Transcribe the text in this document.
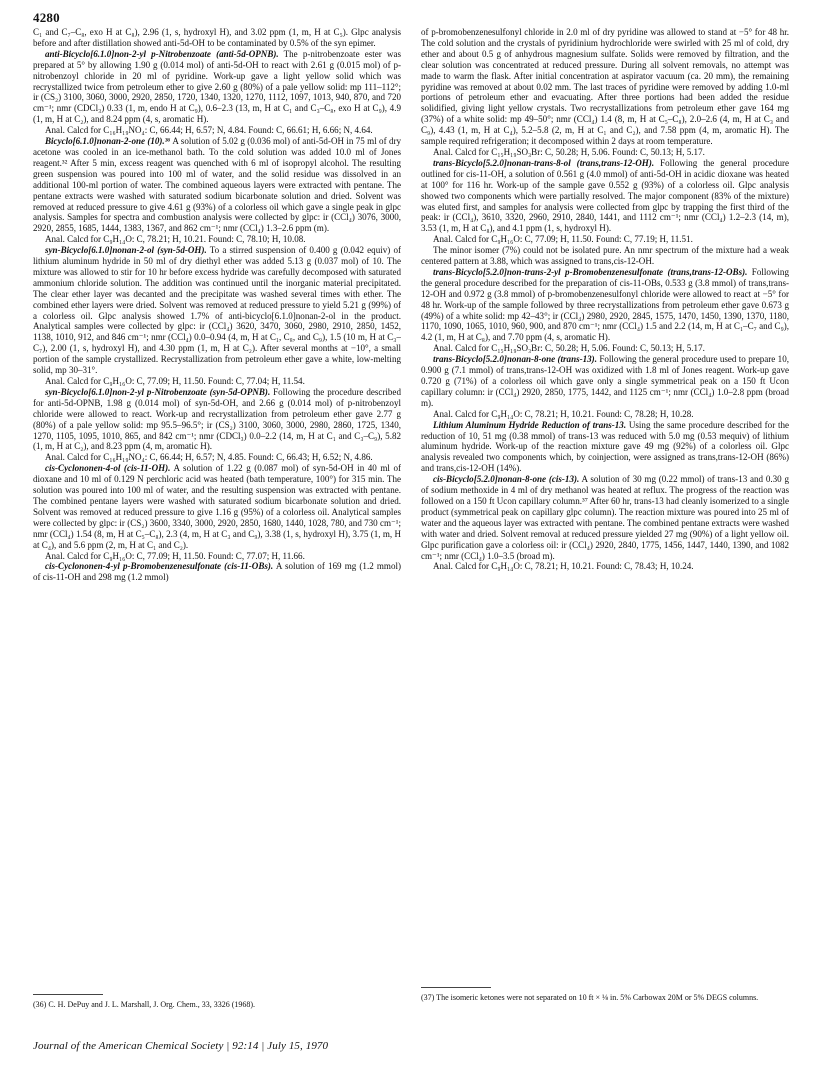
4280

C₁ and C₇–C₈, exo H at C₈), 2.96 (1, s, hydroxyl H), and 3.02 ppm (1, m, H at C₅). Glpc analysis before and after distillation showed anti-5d-OH to be contaminated by 0.5% of the syn epimer.

anti-Bicyclo[6.1.0]non-2-yl p-Nitrobenzoate (anti-5d-OPNB). The p-nitrobenzoate ester was prepared at 5° by allowing 1.90 g (0.014 mol) of anti-5d-OH to react with 2.61 g (0.015 mol) of p-nitrobenzoyl chloride in 20 ml of pyridine. Work-up gave a light yellow solid which was recrystallized twice from petroleum ether to give 2.60 g (80%) of a pale yellow solid: mp 111–112°; ir (CS₂) 3100, 3060, 3000, 2920, 2850, 1720, 1340, 1320, 1270, 1112, 1097, 1013, 940, 870, and 720 cm⁻¹; nmr (CDCl₃) 0.33 (1, m, endo H at C₉), 0.6–2.3 (13, m, H at C₁ and C₃–C₈, exo H at C₉), 4.9 (1, m, H at C₂), and 8.24 ppm (4, s, aromatic H).

Anal. Calcd for C₁₆H₁₉NO₄: C, 66.44; H, 6.57; N, 4.84. Found: C, 66.61; H, 6.66; N, 4.64.

Bicyclo[6.1.0]nonan-2-one (10).³⁶ A solution of 5.02 g (0.036 mol) of anti-5d-OH in 75 ml of dry acetone was cooled in an ice-methanol bath. To the cold solution was added 10.0 ml of Jones reagent.³² After 5 min, excess reagent was quenched with 6 ml of isopropyl alcohol. The resulting green suspension was poured into 100 ml of water, and the solid residue was dissolved in an additional 100-ml portion of water. The combined aqueous layers were extracted with pentane. The pentane extracts were washed with saturated sodium bicarbonate solution and dried. Solvent was removed at reduced pressure to give 4.61 g (93%) of a colorless oil which gave a single peak in glpc analysis. Samples for spectra and combustion analysis were collected by glpc: ir (CCl₄) 3076, 3000, 2920, 2855, 1685, 1444, 1383, 1367, and 862 cm⁻¹; nmr (CCl₄) 1.3–2.6 ppm (m).

Anal. Calcd for C₉H₁₄O: C, 78.21; H, 10.21. Found: C, 78.10; H, 10.08.

syn-Bicyclo[6.1.0]nonan-2-ol (syn-5d-OH). To a stirred suspension of 0.400 g (0.042 equiv) of lithium aluminum hydride in 50 ml of dry diethyl ether was added 5.13 g (0.037 mol) of 10. The mixture was allowed to stir for 10 hr before excess hydride was carefully decomposed with saturated ammonium chloride solution. The addition was continued until the inorganic material precipitated. The clear ether layer was decanted and the precipitate was washed several times with ether. The combined ether layers were dried. Solvent was removed at reduced pressure to yield 5.21 g (99%) of a colorless oil. Glpc analysis showed 1.7% of anti-bicyclo[6.1.0]nonan-2-ol in the product. Analytical samples were collected by glpc: ir (CCl₄) 3620, 3470, 3060, 2980, 2910, 2850, 1452, 1138, 1010, 912, and 846 cm⁻¹; nmr (CCl₄) 0.0–0.94 (4, m, H at C₁, C₈, and C₉), 1.5 (10 m, H at C₃–C₇), 2.00 (1, s, hydroxyl H), and 4.30 ppm (1, m, H at C₂). After several months at −10°, a small portion of the sample crystallized. Recrystallization from petroleum ether gave a white, low-melting solid, mp 30–31°.

Anal. Calcd for C₉H₁₆O: C, 77.09; H, 11.50. Found: C, 77.04; H, 11.54.

syn-Bicyclo[6.1.0]non-2-yl p-Nitrobenzoate (syn-5d-OPNB). Following the procedure described for anti-5d-OPNB, 1.98 g (0.014 mol) of syn-5d-OH, and 2.66 g (0.014 mol) of p-nitrobenzoyl chloride were allowed to react. Work-up and recrystallization from petroleum ether gave 2.77 g (80%) of a pale yellow solid: mp 95.5–96.5°; ir (CS₂) 3100, 3060, 3000, 2980, 2860, 1725, 1340, 1270, 1105, 1095, 1010, 865, and 842 cm⁻¹; nmr (CDCl₃) 0.0–2.2 (14, m, H at C₁ and C₃–C₉), 5.82 (1, m, H at C₂), and 8.23 ppm (4, m, aromatic H).

Anal. Calcd for C₁₆H₁₉NO₄: C, 66.44; H, 6.57; N, 4.85. Found: C, 66.43; H, 6.52; N, 4.86.

cis-Cyclononen-4-ol (cis-11-OH). A solution of 1.22 g (0.087 mol) of syn-5d-OH in 40 ml of dioxane and 10 ml of 0.129 N perchloric acid was heated (bath temperature, 100°) for 315 min. The solution was poured into 100 ml of water, and the resulting suspension was extracted with pentane. The combined pentane layers were washed with saturated sodium bicarbonate solution and dried. Solvent was removed at reduced pressure to give 1.16 g (95%) of a colorless oil. Analytical samples were collected by glpc: ir (CS₂) 3600, 3340, 3000, 2920, 2850, 1680, 1440, 1028, 780, and 730 cm⁻¹; nmr (CCl₄) 1.54 (8, m, H at C₅–C₈), 2.3 (4, m, H at C₃ and C₉), 3.38 (1, s, hydroxyl H), 3.75 (1, m, H at C₄), and 5.6 ppm (2, m, H at C₁ and C₂).

Anal. Calcd for C₉H₁₆O: C, 77.09; H, 11.50. Found: C, 77.07; H, 11.66.

cis-Cyclononen-4-yl p-Bromobenzenesulfonate (cis-11-OBs). A solution of 169 mg (1.2 mmol) of cis-11-OH and 298 mg (1.2 mmol)

of p-bromobenzenesulfonyl chloride in 2.0 ml of dry pyridine was allowed to stand at −5° for 48 hr. The cold solution and the crystals of pyridinium hydrochloride were swirled with 25 ml of cold, dry ether and about 0.5 g of anhydrous magnesium sulfate. Solids were removed by filtration, and the clear solution was concentrated at reduced pressure. During all solvent removals, no attempt was made to warm the flask. After initial concentration at aspirator vacuum (ca. 20 mm), the remaining pyridine was removed at about 0.02 mm. The last traces of pyridine were removed by adding 1.0-ml portions of petroleum ether and evacuating. After three portions had been added the residue solidified, giving light yellow crystals. Two recrystallizations from petroleum ether gave 164 mg (37%) of a white solid: mp 49–50°; nmr (CCl₄) 1.4 (8, m, H at C₅–C₈), 2.0–2.6 (4, m, H at C₃ and C₉), 4.43 (1, m, H at C₄), 5.2–5.8 (2, m, H at C₁ and C₂), and 7.58 ppm (4, m, aromatic H). The sample required refrigeration; it decomposed within 2 days at room temperature.

Anal. Calcd for C₁₅H₁₉SO₃Br: C, 50.28; H, 5.06. Found: C, 50.13; H, 5.17.

trans-Bicyclo[5.2.0]nonan-trans-8-ol (trans,trans-12-OH). Following the general procedure outlined for cis-11-OH, a solution of 0.561 g (4.0 mmol) of anti-5d-OH in acidic dioxane was heated at 100° for 116 hr. Work-up of the sample gave 0.552 g (93%) of a colorless oil. Glpc analysis showed two components which were partially resolved. The major component (83% of the mixture) was eluted first, and samples for analysis were collected from glpc by trapping the first third of the peak: ir (CCl₄), 3610, 3320, 2960, 2910, 2840, 1441, and 1112 cm⁻¹; nmr (CCl₄) 1.2–2.3 (14, m), 3.53 (1, m, H at C₈), and 4.1 ppm (1, s, hydroxyl H).

Anal. Calcd for C₉H₁₆O: C, 77.09; H, 11.50. Found: C, 77.19; H, 11.51.

The minor isomer (7%) could not be isolated pure. An nmr spectrum of the mixture had a weak centered pattern at 3.88, which was assigned to trans,cis-12-OH.

trans-Bicyclo[5.2.0]non-trans-2-yl p-Bromobenzenesulfonate (trans,trans-12-OBs). Following the general procedure described for the preparation of cis-11-OBs, 0.533 g (3.8 mmol) of trans,trans-12-OH and 0.972 g (3.8 mmol) of p-bromobenzenesulfonyl chloride were allowed to react at −5° for 48 hr. Work-up of the sample followed by three recrystallizations from petroleum ether gave 0.673 g (49%) of a white solid: mp 42–43°; ir (CCl₄) 2980, 2920, 2845, 1575, 1470, 1450, 1390, 1370, 1180, 1170, 1090, 1065, 1010, 960, 900, and 870 cm⁻¹; nmr (CCl₄) 1.5 and 2.2 (14, m, H at C₁–C₇ and C₉), 4.2 (1, m, H at C₈), and 7.70 ppm (4, s, aromatic H).

Anal. Calcd for C₁₅H₁₉SO₃Br: C, 50.28; H, 5.06. Found: C, 50.13; H, 5.17.

trans-Bicyclo[5.2.0]nonan-8-one (trans-13). Following the general procedure used to prepare 10, 0.900 g (7.1 mmol) of trans,trans-12-OH was oxidized with 1.8 ml of Jones reagent. Work-up gave 0.720 g (71%) of a colorless oil which gave only a single symmetrical peak on a 150 ft Ucon capillary column: ir (CCl₄) 2920, 2850, 1775, 1442, and 1125 cm⁻¹; nmr (CCl₄) 1.0–2.8 ppm (broad m).

Anal. Calcd for C₉H₁₄O: C, 78.21; H, 10.21. Found: C, 78.28; H, 10.28.

Lithium Aluminum Hydride Reduction of trans-13. Using the same procedure described for the reduction of 10, 51 mg (0.38 mmol) of trans-13 was reduced with 5.0 mg (0.53 mequiv) of lithium aluminum hydride. Work-up of the reaction mixture gave 49 mg (92%) of a colorless oil. Glpc analysis revealed two components which, by coinjection, were assigned as trans,trans-12-OH (86%) and trans,cis-12-OH (14%).

cis-Bicyclo[5.2.0]nonan-8-one (cis-13). A solution of 30 mg (0.22 mmol) of trans-13 and 0.30 g of sodium methoxide in 4 ml of dry methanol was heated at reflux. The progress of the reaction was followed on a 150 ft Ucon capillary column.³⁷ After 60 hr, trans-13 had cleanly isomerized to a single product (symmetrical peak on capillary glpc column). The reaction mixture was poured into 25 ml of water and the aqueous layer was extracted with pentane. The combined pentane extracts were washed with water and dried. Solvent removal at reduced pressure yielded 27 mg (90%) of a light yellow oil. Glpc purification gave a colorless oil: ir (CCl₄) 2920, 2840, 1775, 1456, 1447, 1440, 1390, and 1082 cm⁻¹; nmr (CCl₄) 1.0–3.5 (broad m).

Anal. Calcd for C₉H₁₄O: C, 78.21; H, 10.21. Found: C, 78.43; H, 10.24.

(36) C. H. DePuy and J. L. Marshall, J. Org. Chem., 33, 3326 (1968).
(37) The isomeric ketones were not separated on 10 ft × ⅛ in. 5% Carbowax 20M or 5% DEGS columns.
Journal of the American Chemical Society | 92:14 | July 15, 1970
